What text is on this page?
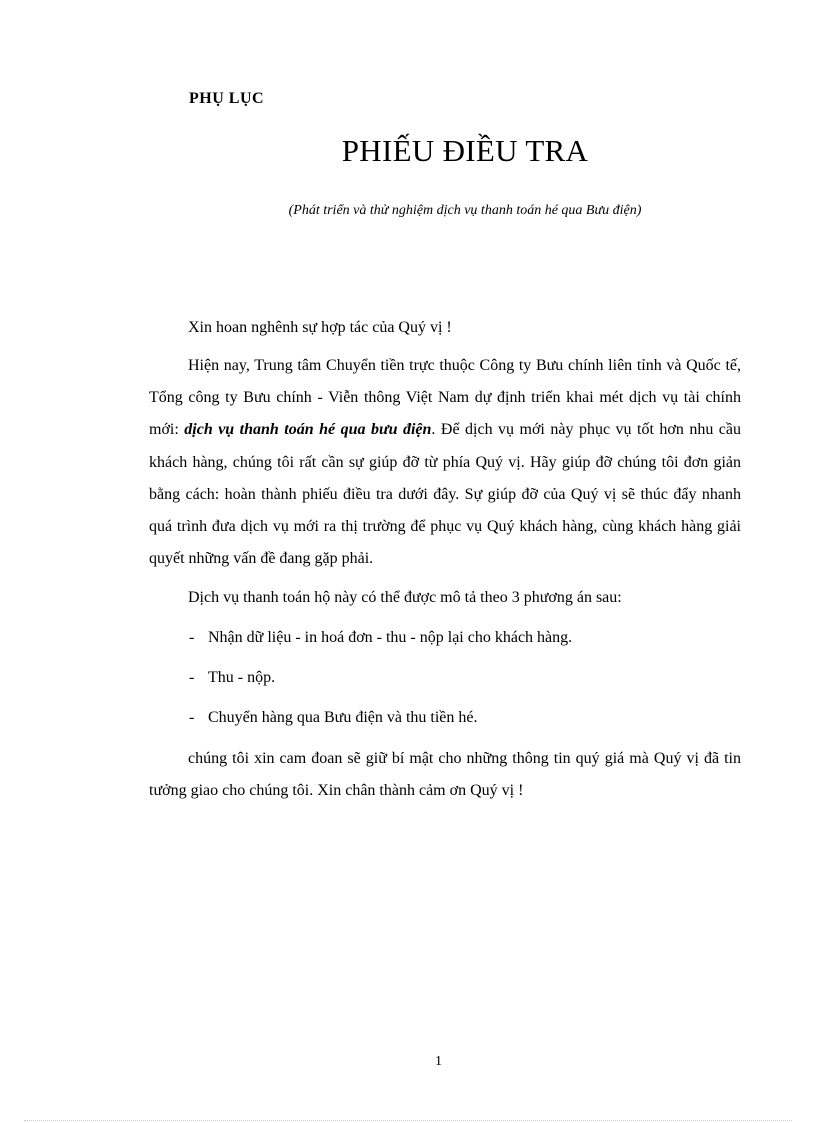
PHỤ LỤC
PHIẾU ĐIỀU TRA
(Phát triển và thử nghiệm dịch vụ thanh toán hé qua Bưu điện)
Xin hoan nghênh sự hợp tác của Quý vị !
Hiện nay, Trung tâm Chuyển tiền trực thuộc Công ty Bưu chính liên tỉnh và Quốc tế, Tổng công ty Bưu chính - Viễn thông Việt Nam dự định triển khai mét dịch vụ tài chính mới: dịch vụ thanh toán hé qua bưu điện. Để dịch vụ mới này phục vụ tốt hơn nhu cầu khách hàng, chúng tôi rất cần sự giúp đỡ từ phía Quý vị. Hãy giúp đỡ chúng tôi đơn giản bằng cách: hoàn thành phiếu điều tra dưới đây. Sự giúp đỡ của Quý vị sẽ thúc đẩy nhanh quá trình đưa dịch vụ mới ra thị trường để phục vụ Quý khách hàng, cùng khách hàng giải quyết những vấn đề đang gặp phải.
Dịch vụ thanh toán hộ này có thể được mô tả theo 3 phương án sau:
- Nhận dữ liệu - in hoá đơn - thu - nộp lại cho khách hàng.
- Thu - nộp.
- Chuyển hàng qua Bưu điện và thu tiền hé.
chúng tôi xin cam đoan sẽ giữ bí mật cho những thông tin quý giá mà Quý vị đã tin tưởng giao cho chúng tôi. Xin chân thành cảm ơn Quý vị !
1
